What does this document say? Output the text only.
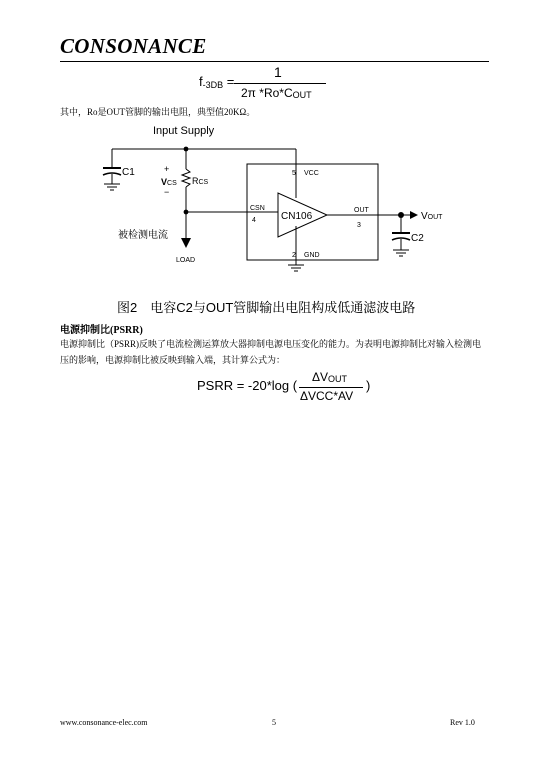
CONSONANCE
$f_{-3DB}$ =
1
2π $*Ro*C_{OUT}$
其中，Ro是OUT管脚的输出电阻，典型值20KΩ。
Input Supply
C1	+
VCS
−
RCS
被检测电流
LOAD
5 VCC
CSN
4	CN106
OUT
3
2 GND
VOUT
C2
图2　电容C2与OUT管脚输出电阻构成低通滤波电路
电源抑制比(PSRR)
电源抑制比（PSRR)反映了电流检测运算放大器抑制电源电压变化的能力。为表明电源抑制比对输入检测电压的影响，电源抑制比被反映到输入端，其计算公式为：
PSRR = -20*log (
$\Delta V_{OUT}$
ΔVCC*AV
)
www.consonance-elec.com	5	Rev 1.0
